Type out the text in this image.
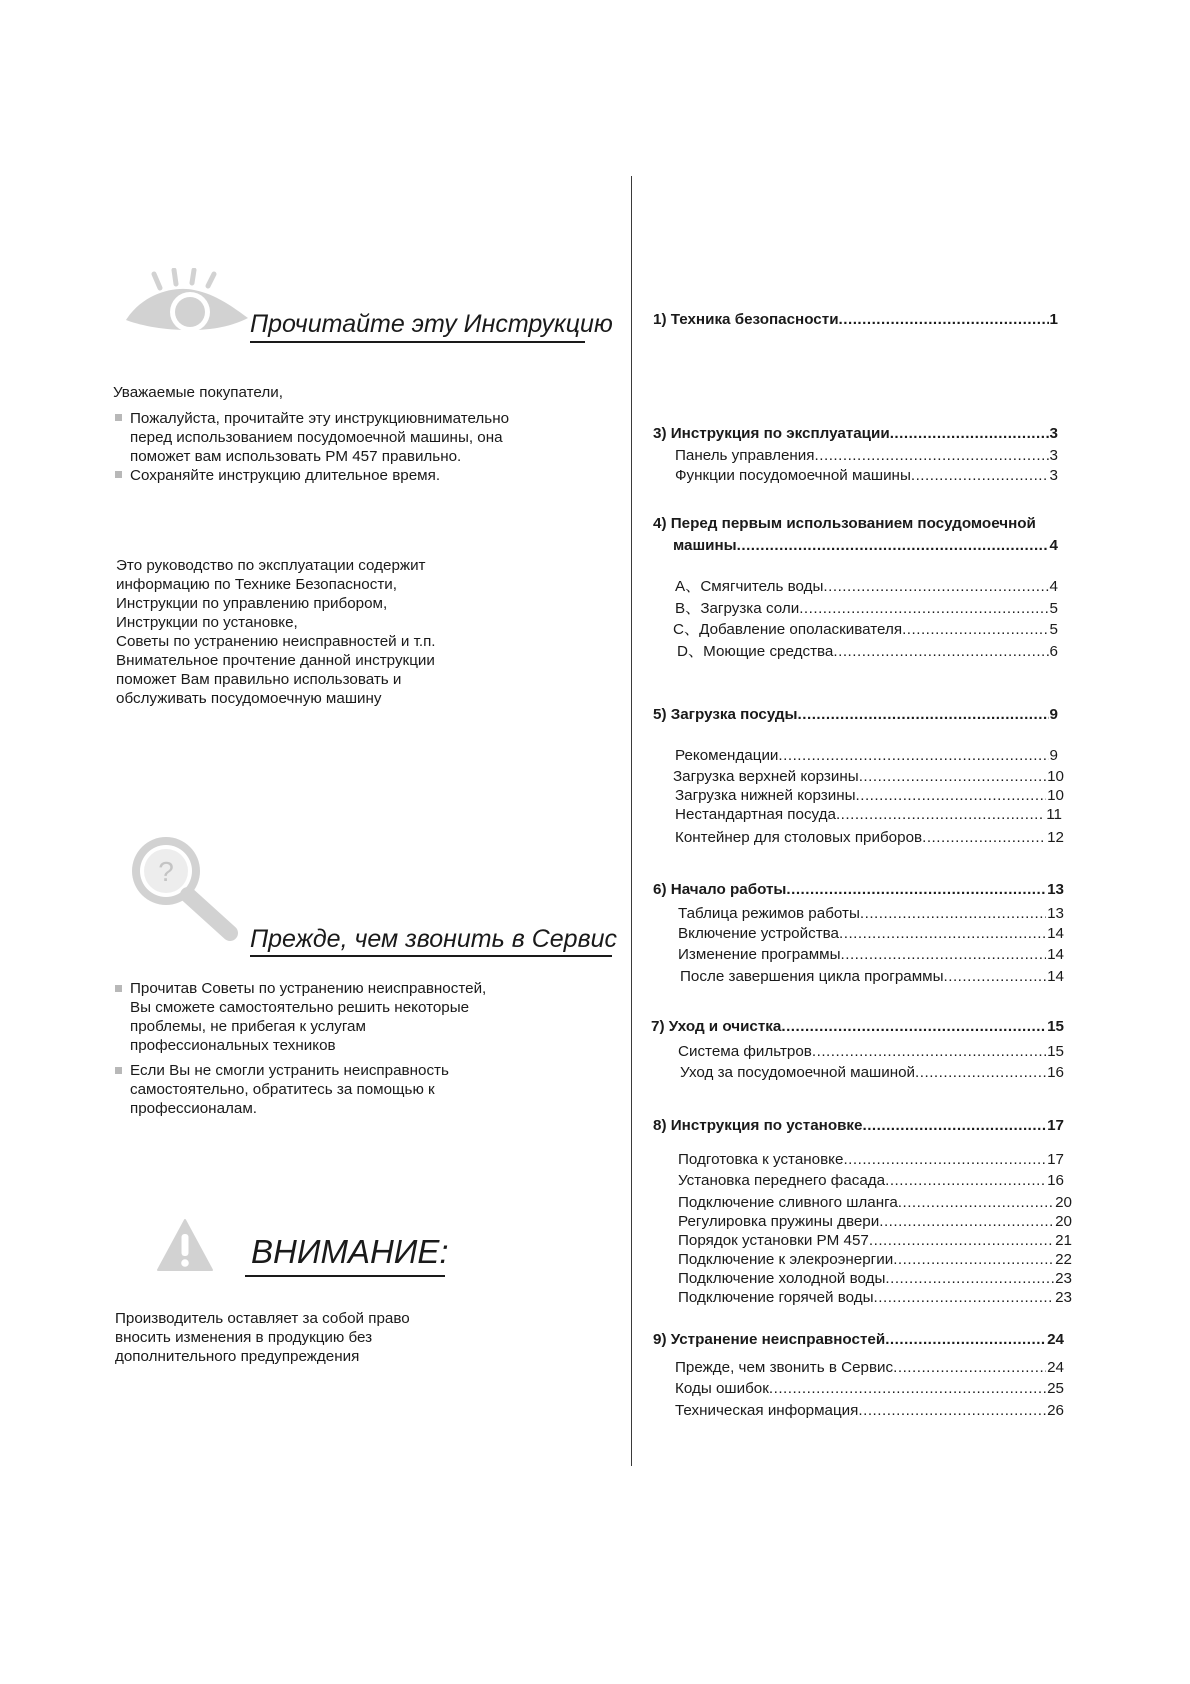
Прочитайте эту Инструкцию
Уважаемые покупатели,
Пожалуйста, прочитайте эту инструкциювнимательно
перед использованием посудомоечной машины, она
поможет вам использовать PM 457 правильно.
Сохраняйте инструкцию длительное время.
Это руководство по эксплуатации содержит
информацию по Технике Безопасности,
Инструкции по управлению прибором,
Инструкции по установке,
Советы по устранению неисправностей и т.п.
Внимательное прочтение данной инструкции
поможет Вам правильно использовать и
обслуживать посудомоечную машину
?
Прежде, чем звонить в Сервис
Прочитав Советы по устранению неисправностей,
Вы сможете самостоятельно решить некоторые
проблемы, не прибегая к услугам
профессиональных техников
Если Вы не смогли устранить неисправность
самостоятельно, обратитесь за помощью к
профессионалам.
ВНИМАНИЕ:
Производитель оставляет за собой право
вносить изменения в продукцию без
дополнительного предупреждения
1) Техника безопасности .....	1
3) Инструкция по эксплуатации .....	3
Панель управления .....	3
Функции посудомоечной машины .....	3
4) Перед первым использованием посудомоечной
машины .....	4
A、Смягчитель воды .....	4
B、Загрузка соли .....	5
C、Добавление ополаскивателя .....	5
D、Моющие средства .....	6
5) Загрузка посуды .....	9
Рекомендации .....	9
Загрузка верхней корзины .....	10
Загрузка нижней корзины .....	10
Нестандартная посуда .....	11
Контейнер для столовых приборов .....	12
6) Начало работы .....	13
Таблица режимов работы .....	13
Включение устройства .....	14
Изменение программы .....	14
После завершения цикла программы .....	14
7) Уход и очистка .....	15
Система фильтров .....	15
Уход за посудомоечной машиной .....	16
8) Инструкция по установке .....	17
Подготовка к установке .....	17
Установка переднего фасада .....	16
Подключение сливного шланга .....	20
Регулировка пружины двери .....	20
Порядок установки PM 457 .....	21
Подключение к элекроэнергии .....	22
Подключение холодной воды .....	23
Подключение горячей воды .....	23
9) Устранение неисправностей .....	24
Прежде, чем звонить в Сервис .....	24
Коды ошибок .....	25
Техническая информация .....	26
